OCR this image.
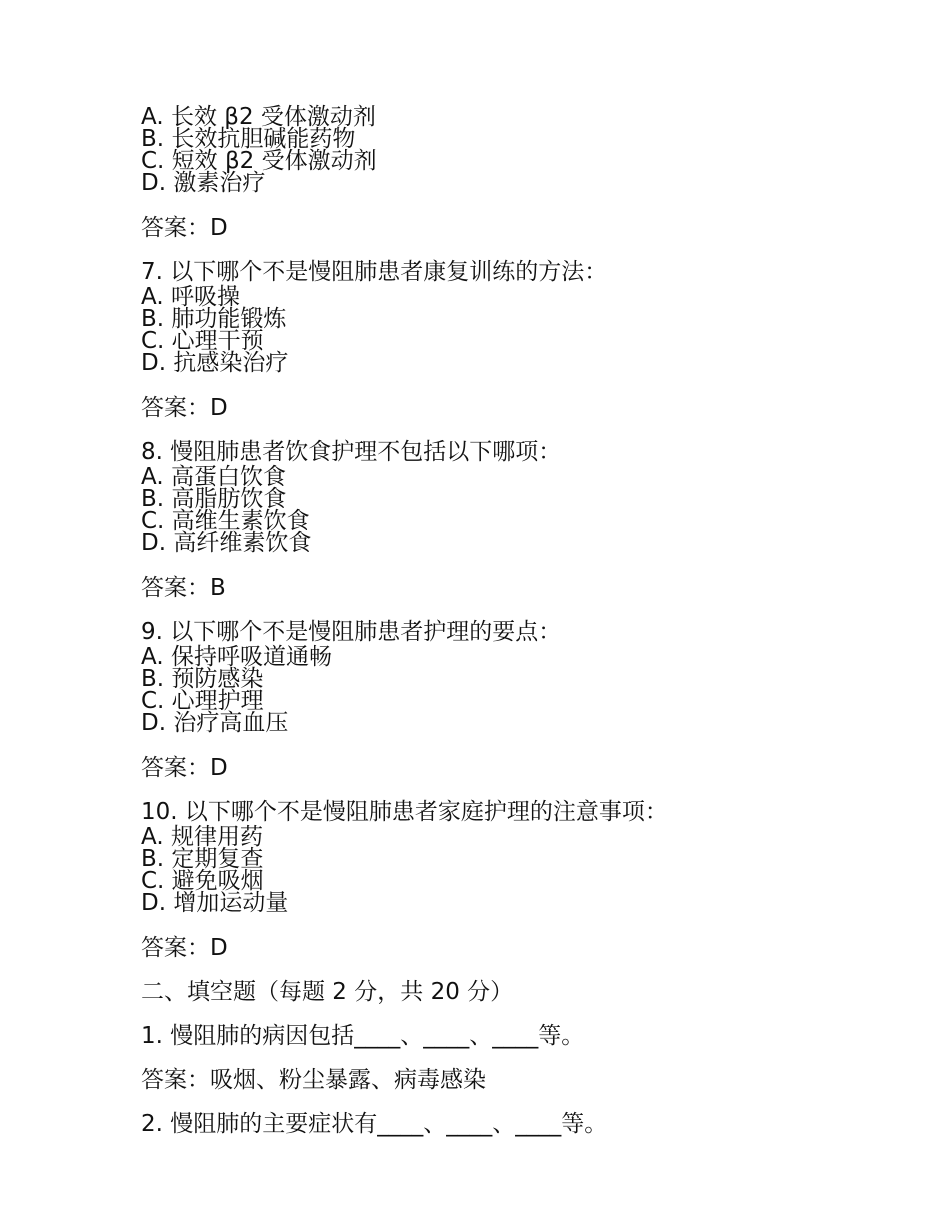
A. 长效 β2 受体激动剂
B. 长效抗胆碱能药物
C. 短效 β2 受体激动剂
D. 激素治疗
答案：D
7. 以下哪个不是慢阻肺患者康复训练的方法：
A. 呼吸操
B. 肺功能锻炼
C. 心理干预
D. 抗感染治疗
答案：D
8. 慢阻肺患者饮食护理不包括以下哪项：
A. 高蛋白饮食
B. 高脂肪饮食
C. 高维生素饮食
D. 高纤维素饮食
答案：B
9. 以下哪个不是慢阻肺患者护理的要点：
A. 保持呼吸道通畅
B. 预防感染
C. 心理护理
D. 治疗高血压
答案：D
10. 以下哪个不是慢阻肺患者家庭护理的注意事项：
A. 规律用药
B. 定期复查
C. 避免吸烟
D. 增加运动量
答案：D
二、填空题（每题 2 分，共 20 分）
1. 慢阻肺的病因包括____、____、____等。
答案：吸烟、粉尘暴露、病毒感染
2. 慢阻肺的主要症状有____、____、____等。
